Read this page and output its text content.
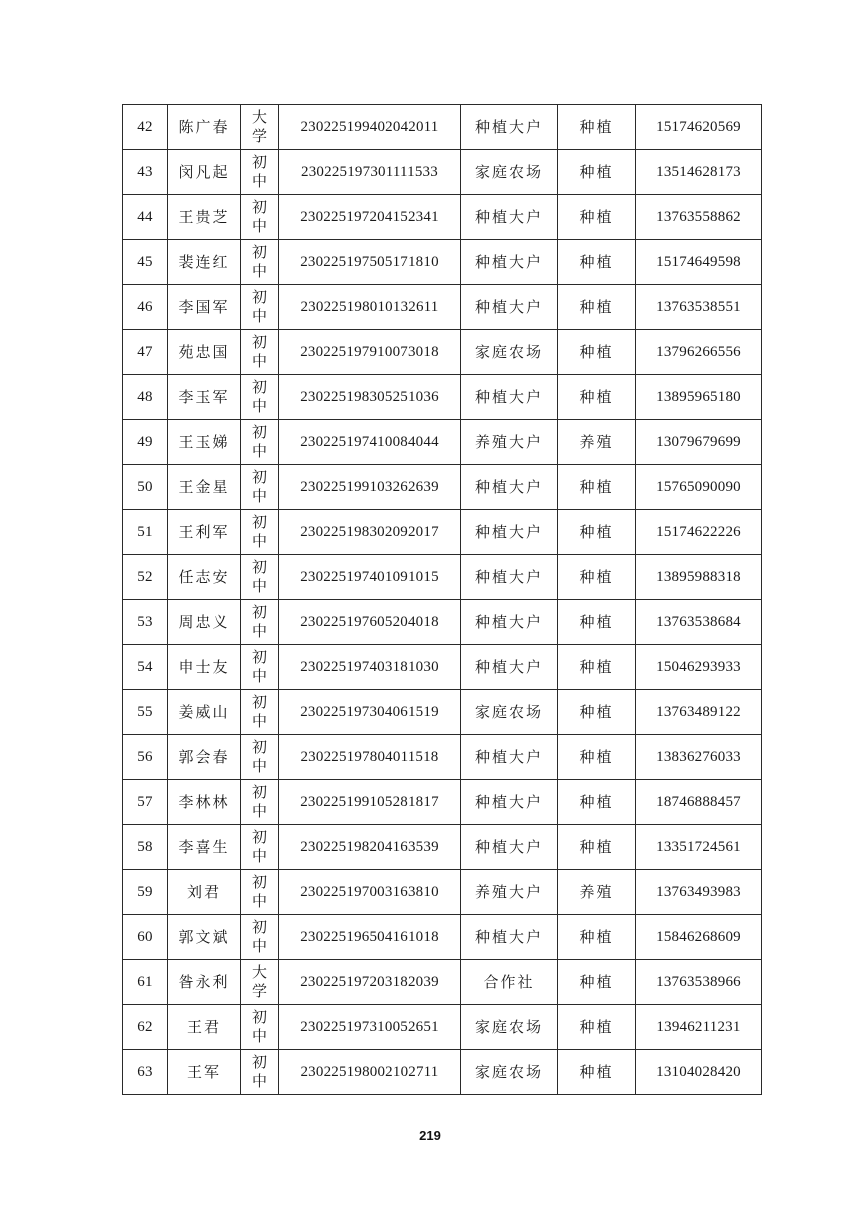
42	陈广春	大学	230225199402042011	种植大户	种植	15174620569
43	闵凡起	初中	230225197301111533	家庭农场	种植	13514628173
44	王贵芝	初中	230225197204152341	种植大户	种植	13763558862
45	裴连红	初中	230225197505171810	种植大户	种植	15174649598
46	李国军	初中	230225198010132611	种植大户	种植	13763538551
47	苑忠国	初中	230225197910073018	家庭农场	种植	13796266556
48	李玉军	初中	230225198305251036	种植大户	种植	13895965180
49	王玉娣	初中	230225197410084044	养殖大户	养殖	13079679699
50	王金星	初中	230225199103262639	种植大户	种植	15765090090
51	王利军	初中	230225198302092017	种植大户	种植	15174622226
52	任志安	初中	230225197401091015	种植大户	种植	13895988318
53	周忠义	初中	230225197605204018	种植大户	种植	13763538684
54	申士友	初中	230225197403181030	种植大户	种植	15046293933
55	姜威山	初中	230225197304061519	家庭农场	种植	13763489122
56	郭会春	初中	230225197804011518	种植大户	种植	13836276033
57	李林林	初中	230225199105281817	种植大户	种植	18746888457
58	李喜生	初中	230225198204163539	种植大户	种植	13351724561
59	刘君	初中	230225197003163810	养殖大户	养殖	13763493983
60	郭文斌	初中	230225196504161018	种植大户	种植	15846268609
61	昝永利	大学	230225197203182039	合作社	种植	13763538966
62	王君	初中	230225197310052651	家庭农场	种植	13946211231
63	王军	初中	230225198002102711	家庭农场	种植	13104028420
219
